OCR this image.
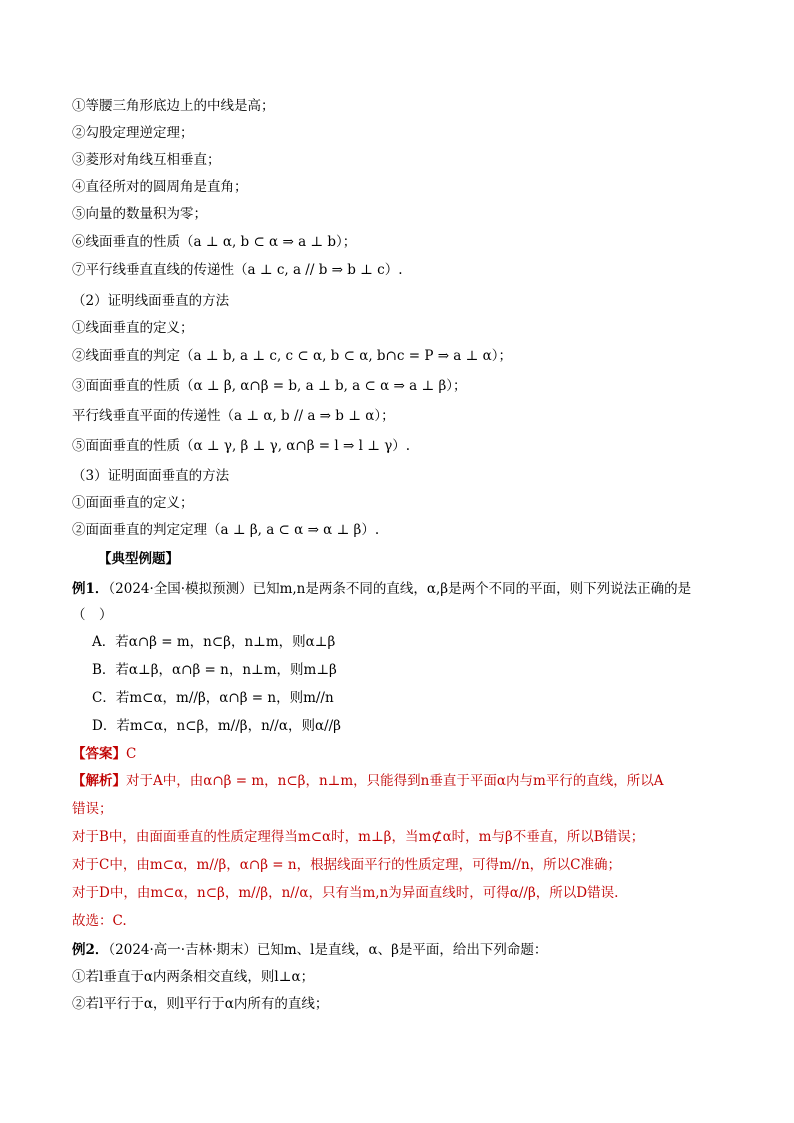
①等腰三角形底边上的中线是高；
②勾股定理逆定理；
③菱形对角线互相垂直；
④直径所对的圆周角是直角；
⑤向量的数量积为零；
⑥线面垂直的性质（a ⊥ α, b ⊂ α ⇒ a ⊥ b）；
⑦平行线垂直直线的传递性（a ⊥ c, a // b ⇒ b ⊥ c）.
（2）证明线面垂直的方法
①线面垂直的定义；
②线面垂直的判定（a ⊥ b, a ⊥ c, c ⊂ α, b ⊂ α, b∩c = P ⇒ a ⊥ α）；
③面面垂直的性质（α ⊥ β, α∩β = b, a ⊥ b, a ⊂ α ⇒ a ⊥ β）；
平行线垂直平面的传递性（a ⊥ α, b // a ⇒ b ⊥ α）；
⑤面面垂直的性质（α ⊥ γ, β ⊥ γ, α∩β = l ⇒ l ⊥ γ）.
（3）证明面面垂直的方法
①面面垂直的定义；
②面面垂直的判定定理（a ⊥ β, a ⊂ α ⇒ α ⊥ β）.
【典型例题】
例1．（2024·全国·模拟预测）已知m,n是两条不同的直线，α,β是两个不同的平面，则下列说法正确的是
（　）
A．若α∩β = m，n⊂β，n⊥m，则α⊥β
B．若α⊥β，α∩β = n，n⊥m，则m⊥β
C．若m⊂α，m//β，α∩β = n，则m//n
D．若m⊂α，n⊂β，m//β，n//α，则α//β
【答案】C
【解析】对于A中，由α∩β = m，n⊂β，n⊥m，只能得到n垂直于平面α内与m平行的直线，所以A
错误；
对于B中，由面面垂直的性质定理得当m⊂α时，m⊥β，当m⊄α时，m与β不垂直，所以B错误；
对于C中，由m⊂α，m//β，α∩β = n，根据线面平行的性质定理，可得m//n，所以C准确；
对于D中，由m⊂α，n⊂β，m//β，n//α，只有当m,n为异面直线时，可得α//β，所以D错误.
故选：C.
例2．（2024·高一·吉林·期末）已知m、l是直线，α、β是平面，给出下列命题：
①若l垂直于α内两条相交直线，则l⊥α；
②若l平行于α，则l平行于α内所有的直线；
